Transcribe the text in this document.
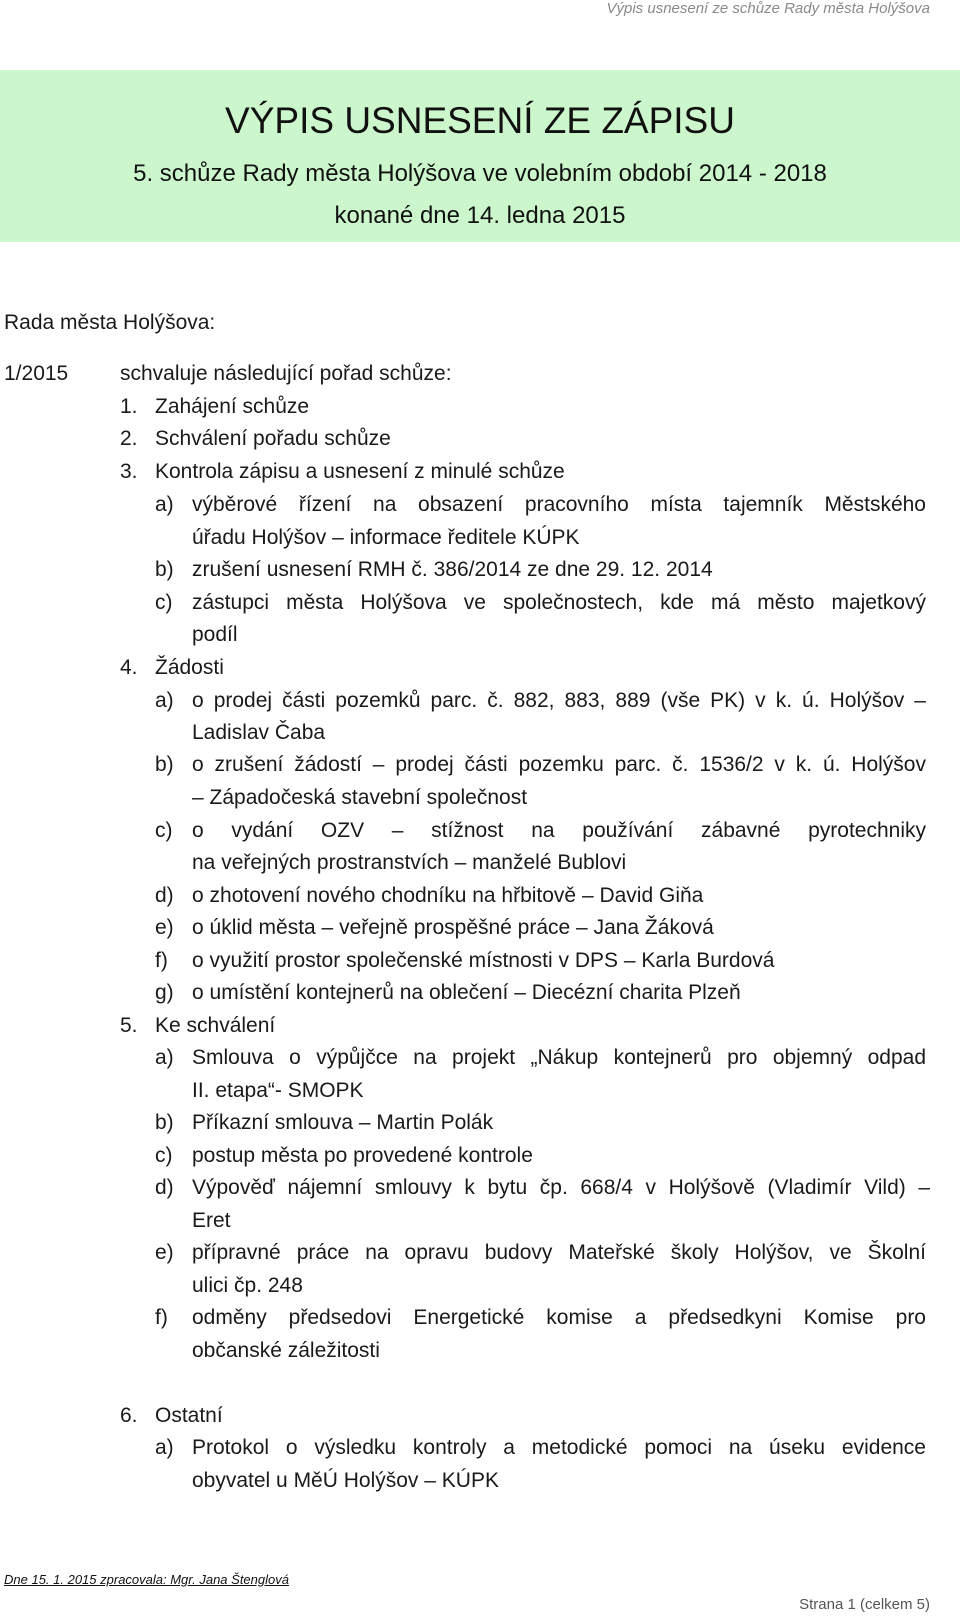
Výpis usnesení ze schůze Rady města Holýšova
VÝPIS USNESENÍ ZE ZÁPISU
5. schůze Rady města Holýšova ve volebním období 2014 - 2018
konané dne 14. ledna 2015
Rada města Holýšova:
1/2015 schvaluje následující pořad schůze:
1. Zahájení schůze
2. Schválení pořadu schůze
3. Kontrola zápisu a usnesení z minulé schůze
a) výběrové řízení na obsazení pracovního místa tajemník Městského
úřadu Holýšov – informace ředitele KÚPK
b) zrušení usnesení RMH č. 386/2014 ze dne 29. 12. 2014
c) zástupci města Holýšova ve společnostech, kde má město majetkový
podíl
4. Žádosti
a) o prodej části pozemků parc. č. 882, 883, 889 (vše PK) v k. ú. Holýšov –
Ladislav Čaba
b) o zrušení žádostí – prodej části pozemku parc. č. 1536/2 v k. ú. Holýšov
– Západočeská stavební společnost
c) o vydání OZV – stížnost na používání zábavné pyrotechniky
na veřejných prostranstvích – manželé Bublovi
d) o zhotovení nového chodníku na hřbitově – David Giňa
e) o úklid města – veřejně prospěšné práce – Jana Žáková
f) o využití prostor společenské místnosti v DPS – Karla Burdová
g) o umístění kontejnerů na oblečení – Diecézní charita Plzeň
5. Ke schválení
a) Smlouva o výpůjčce na projekt „Nákup kontejnerů pro objemný odpad
II. etapa“- SMOPK
b) Příkazní smlouva – Martin Polák
c) postup města po provedené kontrole
d) Výpověď nájemní smlouvy k bytu čp. 668/4 v Holýšově (Vladimír Vild) –
Eret
e) přípravné práce na opravu budovy Mateřské školy Holýšov, ve Školní
ulici čp. 248
f) odměny předsedovi Energetické komise a předsedkyni Komise pro
občanské záležitosti
6. Ostatní
a) Protokol o výsledku kontroly a metodické pomoci na úseku evidence
obyvatel u MěÚ Holýšov – KÚPK
Dne 15. 1. 2015 zpracovala: Mgr. Jana Štenglová
Strana 1 (celkem 5)
